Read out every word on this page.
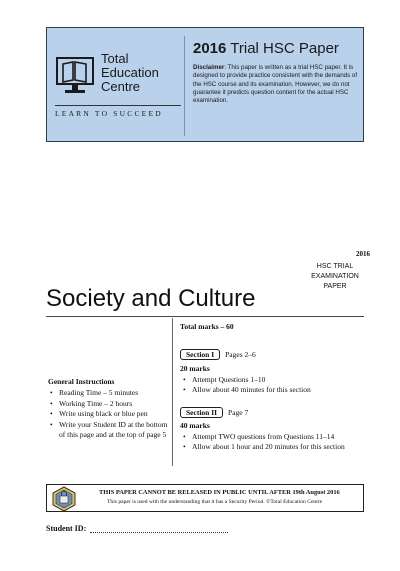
Total
Education
Centre
LEARN TO SUCCEED
2016 Trial HSC Paper
Disclaimer: This paper is written as a trial HSC paper. It is designed to provide practice consistent with the demands of the HSC course and its examination. However, we do not guarantee it predicts question content for the actual HSC examination.
2016
HSC TRIAL
EXAMINATION PAPER
Society and Culture
Total marks – 60
Section I Pages 2–6
20 marks
• Attempt Questions 1–10
• Allow about 40 minutes for this section
Section II Page 7
40 marks
• Attempt TWO questions from Questions 11–14
• Allow about 1 hour and 20 minutes for this section
General Instructions
• Reading Time – 5 minutes
• Working Time – 2 hours
• Write using black or blue pen
• Write your Student ID at the bottom of this page and at the top of page 5
THIS PAPER CANNOT BE RELEASED IN PUBLIC UNTIL AFTER 19th August 2016
This paper is used with the understanding that it has a Security Period. ©Total Education Centre
Student ID:
